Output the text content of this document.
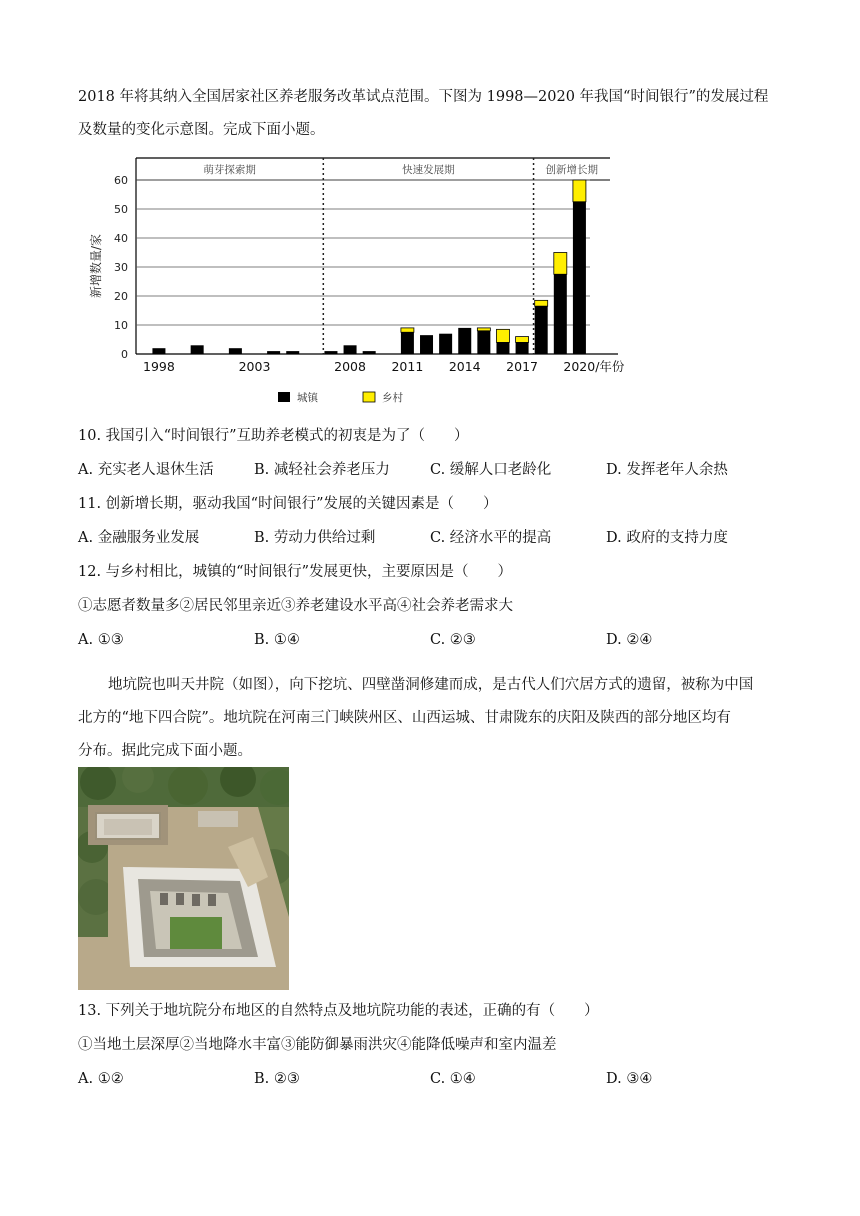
2018 年将其纳入全国居家社区养老服务改革试点范围。下图为 1998—2020 年我国“时间银行”的发展过程
及数量的变化示意图。完成下面小题。
0
10
20
30
40
50
60
新增数量/家
萌芽探索期	快速发展期	创新增长期
1998	2003	2008 2011 2014 2017 2020/年份
城镇	乡村
10. 我国引入“时间银行”互助养老模式的初衷是为了（　　）
A. 充实老人退休生活	B. 减轻社会养老压力	C. 缓解人口老龄化	D. 发挥老年人余热
11. 创新增长期，驱动我国“时间银行”发展的关键因素是（　　）
A. 金融服务业发展	B. 劳动力供给过剩	C. 经济水平的提高	D. 政府的支持力度
12. 与乡村相比，城镇的“时间银行”发展更快，主要原因是（　　）
①志愿者数量多②居民邻里亲近③养老建设水平高④社会养老需求大
A. ①③	B. ①④	C. ②③	D. ②④
地坑院也叫天井院（如图），向下挖坑、四壁凿洞修建而成，是古代人们穴居方式的遗留，被称为中国
北方的“地下四合院”。地坑院在河南三门峡陕州区、山西运城、甘肃陇东的庆阳及陕西的部分地区均有
分布。据此完成下面小题。
13. 下列关于地坑院分布地区的自然特点及地坑院功能的表述，正确的有（　　）
①当地土层深厚②当地降水丰富③能防御暴雨洪灾④能降低噪声和室内温差
A. ①②	B. ②③	C. ①④	D. ③④
